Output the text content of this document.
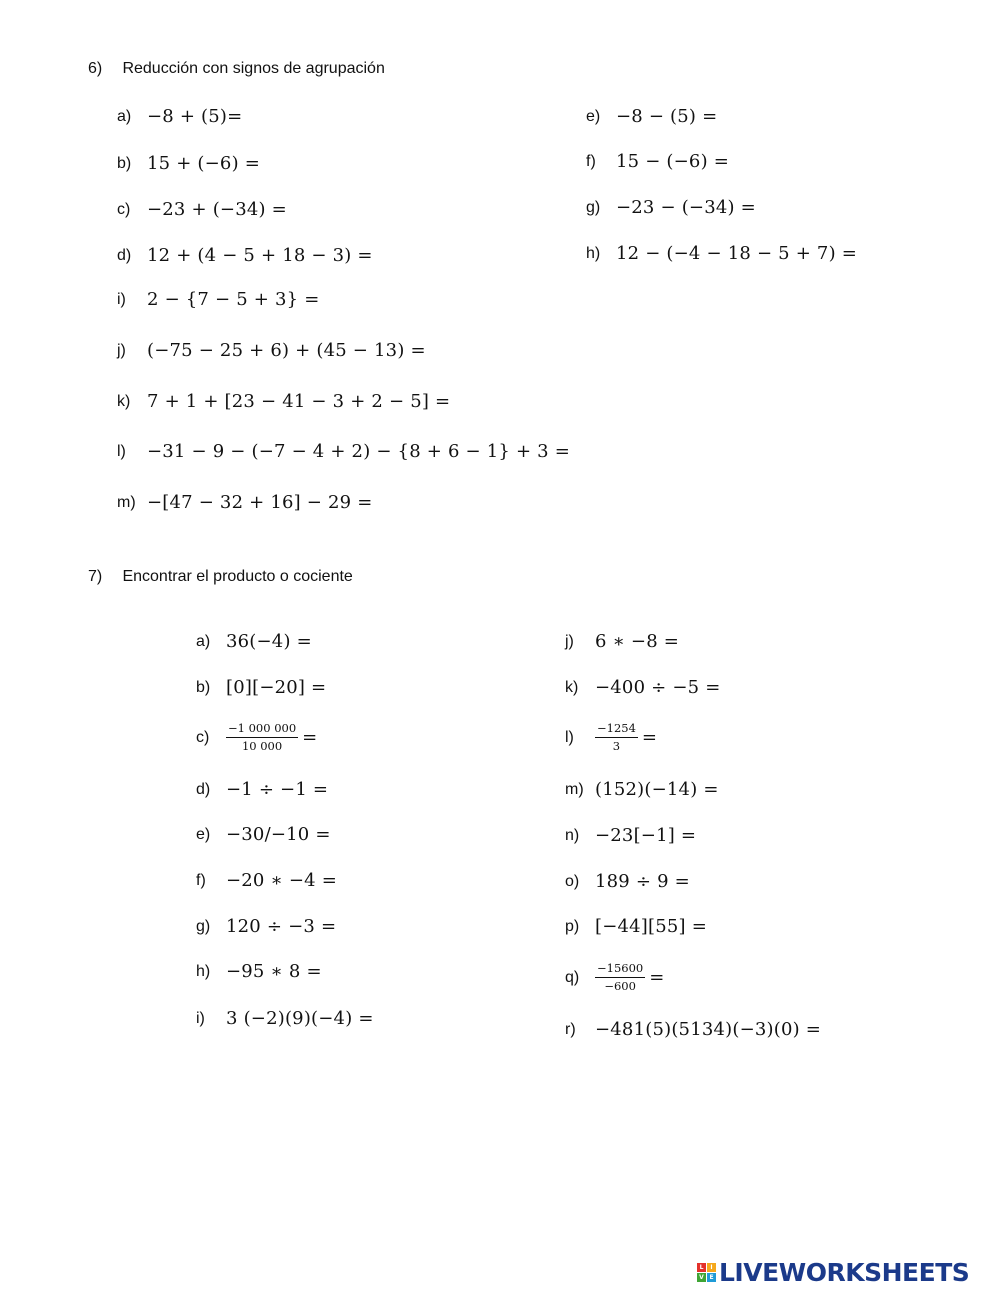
6) Reducción con signos de agrupación
a) −8 + (5)=
b) 15 + (−6) =
c) −23 + (−34) =
d) 12 + (4 − 5 + 18 − 3) =
i)	2 − {7 − 5 + 3} =
j)	(−75 − 25 + 6) + (45 − 13) =
k) 7 + 1 + [23 − 41 − 3 + 2 − 5] =
l)	−31 − 9 − (−7 − 4 + 2) − {8 + 6 − 1} + 3 =
m) −[47 − 32 + 16] − 29 =
e) −8 − (5) =
f)	15 − (−6) =
g) −23 − (−34) =
h) 12 − (−4 − 18 − 5 + 7) =
7) Encontrar el producto o cociente
a) 36(−4) =
b) [0][−20] =
c)	$\frac{-1 000 000}{10 000}$ =
d) −1 ÷ −1 =
e) −30/−10 =
f)	−20 ∗ −4 =
g) 120 ÷ −3 =
h) −95 ∗ 8 =
i)	3 (−2)(9)(−4) =
j)	6 ∗ −8 =
k) −400 ÷ −5 =
l)	$\frac{-1254}{3}$ =
m) (152)(−14) =
n) −23[−1] =
o) 189 ÷ 9 =
p) [−44][55] =
q)	$\frac{-15600}{-600}$ =
r)	−481(5)(5134)(−3)(0) =
L	I
V E LIVEWORKSHEETS
